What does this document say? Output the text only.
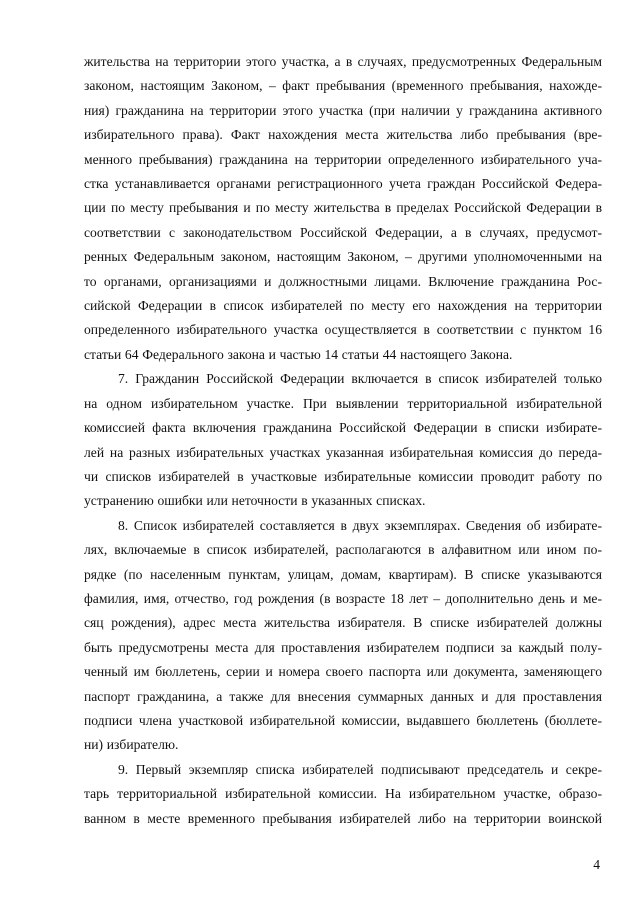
жительства на территории этого участка, а в случаях, предусмотренных Федеральным
законом, настоящим Законом, – факт пребывания (временного пребывания, нахожде-
ния) гражданина на территории этого участка (при наличии у гражданина активного
избирательного права). Факт нахождения места жительства либо пребывания (вре-
менного пребывания) гражданина на территории определенного избирательного уча-
стка устанавливается органами регистрационного учета граждан Российской Федера-
ции по месту пребывания и по месту жительства в пределах Российской Федерации в
соответствии с законодательством Российской Федерации, а в случаях, предусмот-
ренных Федеральным законом, настоящим Законом, – другими уполномоченными на
то органами, организациями и должностными лицами. Включение гражданина Рос-
сийской Федерации в список избирателей по месту его нахождения на территории
определенного избирательного участка осуществляется в соответствии с пунктом 16
статьи 64 Федерального закона и частью 14 статьи 44 настоящего Закона.

7. Гражданин Российской Федерации включается в список избирателей только
на одном избирательном участке. При выявлении территориальной избирательной
комиссией факта включения гражданина Российской Федерации в списки избирате-
лей на разных избирательных участках указанная избирательная комиссия до переда-
чи списков избирателей в участковые избирательные комиссии проводит работу по
устранению ошибки или неточности в указанных списках.

8. Список избирателей составляется в двух экземплярах. Сведения об избирате-
лях, включаемые в список избирателей, располагаются в алфавитном или ином по-
рядке (по населенным пунктам, улицам, домам, квартирам). В списке указываются
фамилия, имя, отчество, год рождения (в возрасте 18 лет – дополнительно день и ме-
сяц рождения), адрес места жительства избирателя. В списке избирателей должны
быть предусмотрены места для проставления избирателем подписи за каждый полу-
ченный им бюллетень, серии и номера своего паспорта или документа, заменяющего
паспорт гражданина, а также для внесения суммарных данных и для проставления
подписи члена участковой избирательной комиссии, выдавшего бюллетень (бюллете-
ни) избирателю.

9. Первый экземпляр списка избирателей подписывают председатель и секре-
тарь территориальной избирательной комиссии. На избирательном участке, образо-
ванном в месте временного пребывания избирателей либо на территории воинской

4
